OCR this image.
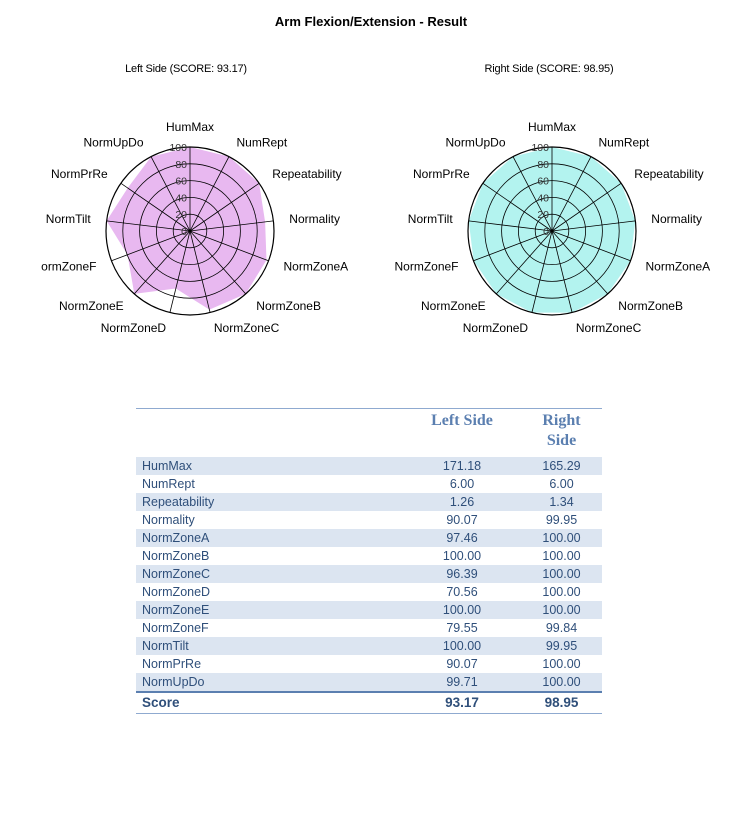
Arm Flexion/Extension - Result
Left Side (SCORE: 93.17)	Right Side (SCORE: 98.95)
0
20
40
60
80
100
HumMax
NumRept
Repeatability
Normality
NormZoneA
NormZoneB
NormZoneC
NormZoneD
NormZoneE
ormZoneF
NormTilt
NormPrRe
NormUpDo
0
20
40
60
80
100
HumMax
NumRept
Repeatability
Normality
NormZoneA
NormZoneB
NormZoneC
NormZoneD
NormZoneE
NormZoneF
NormTilt
NormPrRe
NormUpDo
	Left Side	Right Side
HumMax	171.18	165.29
NumRept	6.00	6.00
Repeatability	1.26	1.34
Normality	90.07	99.95
NormZoneA	97.46	100.00
NormZoneB	100.00	100.00
NormZoneC	96.39	100.00
NormZoneD	70.56	100.00
NormZoneE	100.00	100.00
NormZoneF	79.55	99.84
NormTilt	100.00	99.95
NormPrRe	90.07	100.00
NormUpDo	99.71	100.00
Score	93.17	98.95
